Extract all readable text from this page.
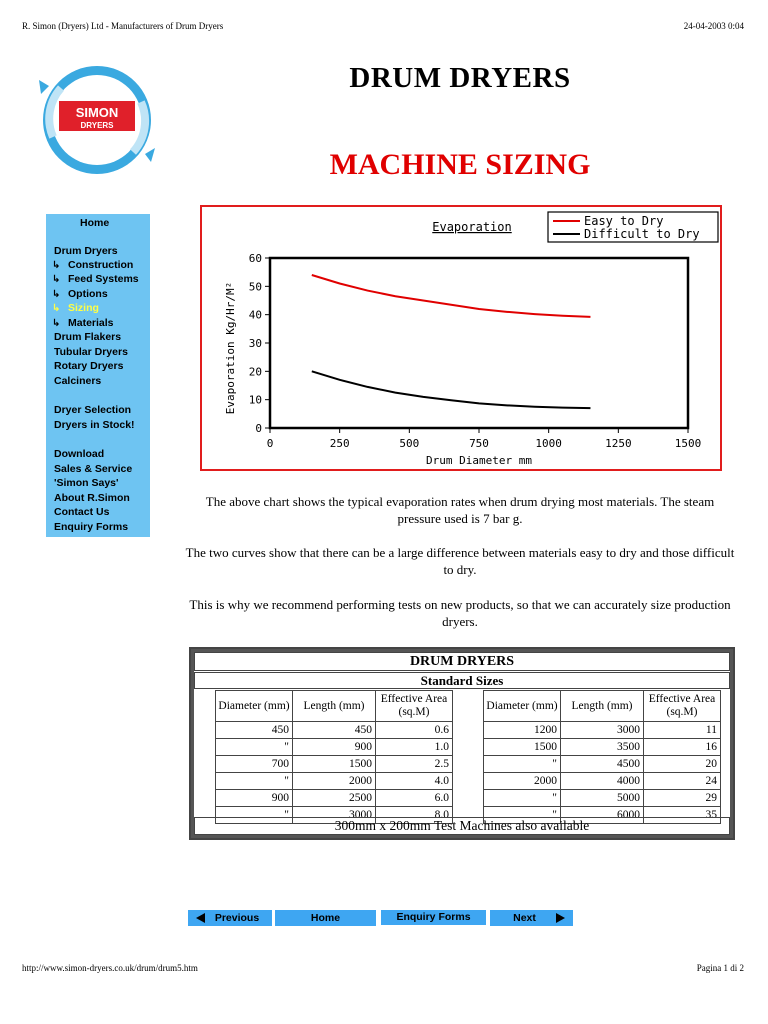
R. Simon (Dryers) Ltd - Manufacturers of Drum Dryers	24-04-2003 0:04
SIMON
DRYERS
DRUM DRYERS
MACHINE SIZING
Home
Drum Dryers
↳ Construction
↳ Feed Systems
↳ Options
↳ Sizing
↳ Materials
Drum Flakers
Tubular Dryers
Rotary Dryers
Calciners
Dryer Selection
Dryers in Stock!
Download
Sales & Service
'Simon Says'
About R.Simon
Contact Us
Enquiry Forms
0
10
20
30
40
50
60
0	250	500	750	1000	1250	1500
Drum Diameter mm
Evaporation Kg/Hr/M²
Evaporation	Easy to Dry
Difficult to Dry
The above chart shows the typical evaporation rates when drum drying most materials. The steam pressure used is 7 bar g.
The two curves show that there can be a large difference between materials easy to dry and those difficult to dry.
This is why we recommend performing tests on new products, so that we can accurately size production dryers.
DRUM DRYERS
Standard Sizes
Diameter (mm)	Length (mm)	Effective Area (sq.M)
450	450	0.6
"	900	1.0
700	1500	2.5
"	2000	4.0
900	2500	6.0
"	3000	8.0
Diameter (mm)	Length (mm)	Effective Area (sq.M)
1200	3000	11
1500	3500	16
"	4500	20
2000	4000	24
"	5000	29
"	6000	35
300mm x 200mm Test Machines also available
Previous	Home	Enquiry Forms	Next
http://www.simon-dryers.co.uk/drum/drum5.htm	Pagina 1 di 2
